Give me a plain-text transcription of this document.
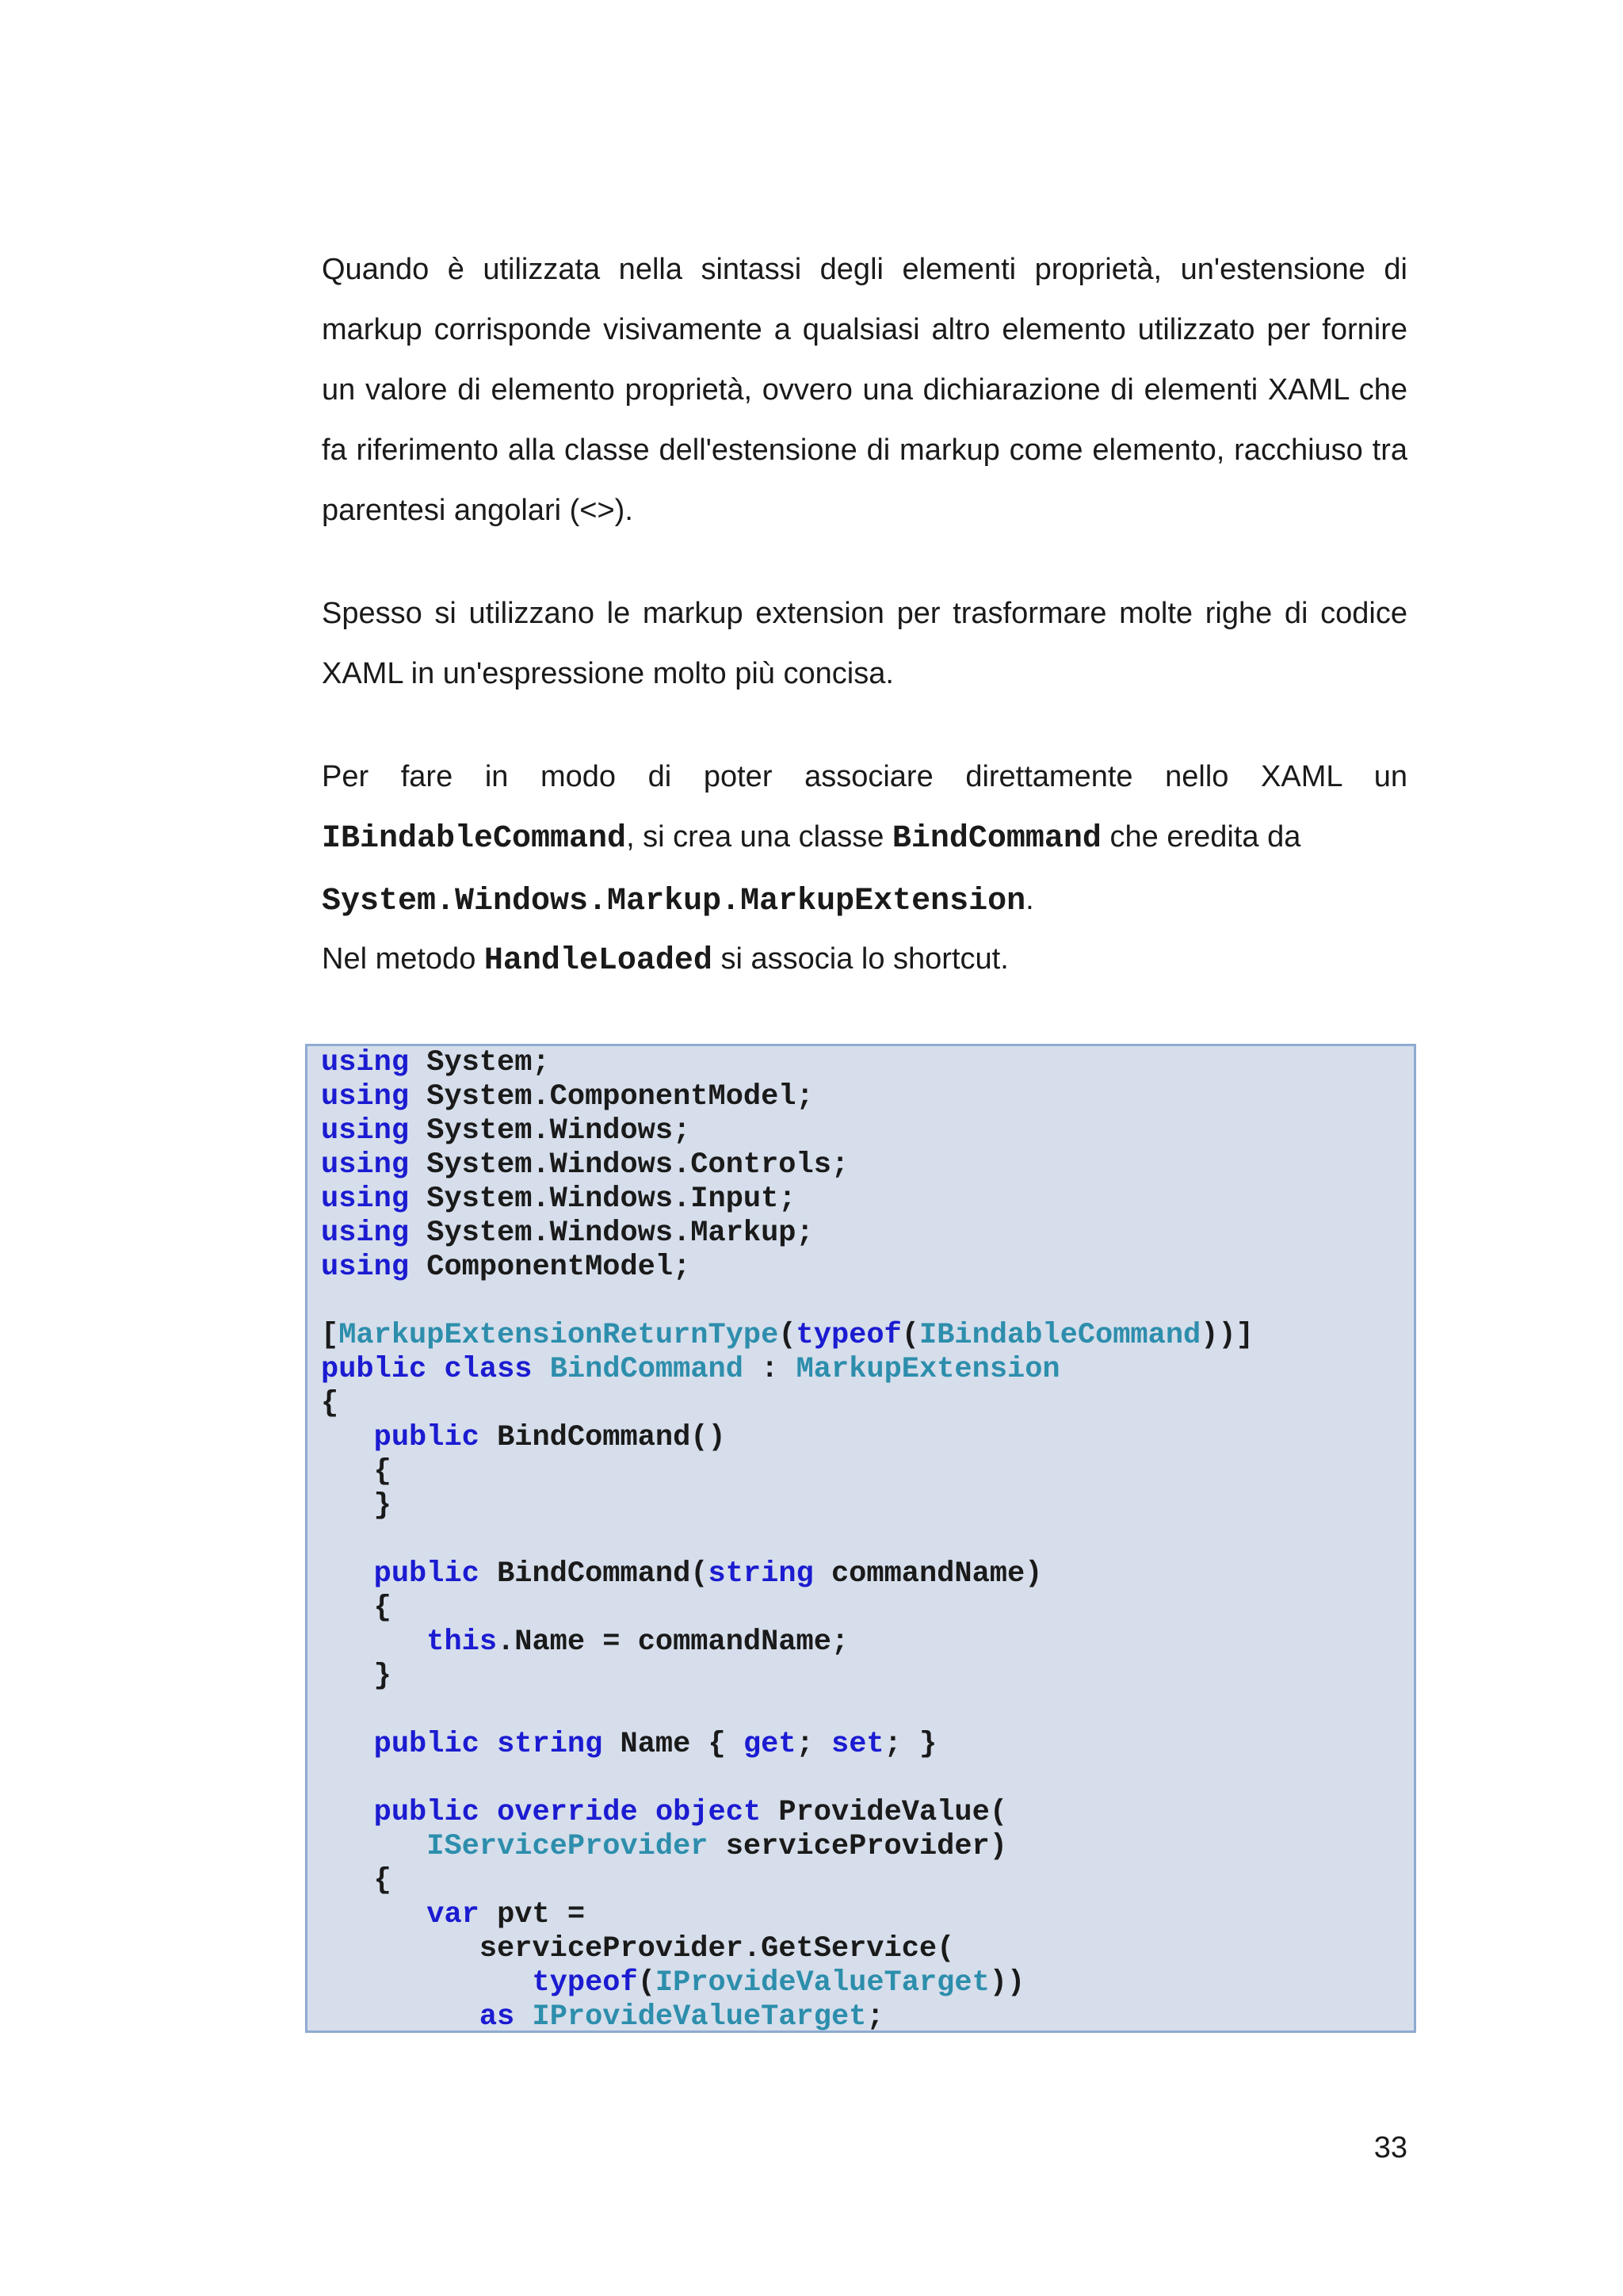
Quando è utilizzata nella sintassi degli elementi proprietà, un'estensione di markup corrisponde visivamente a qualsiasi altro elemento utilizzato per fornire un valore di elemento proprietà, ovvero una dichiarazione di elementi XAML che fa riferimento alla classe dell'estensione di markup come elemento, racchiuso tra parentesi angolari (<>).

Spesso si utilizzano le markup extension per trasformare molte righe di codice XAML in un'espressione molto più concisa.

Per fare in modo di poter associare direttamente nello XAML un

IBindableCommand, si crea una classe BindCommand che eredita da
System.Windows.Markup.MarkupExtension.

Nel metodo HandleLoaded si associa lo shortcut.

using System;
using System.ComponentModel;
using System.Windows;
using System.Windows.Controls;
using System.Windows.Input;
using System.Windows.Markup;
using ComponentModel;
[MarkupExtensionReturnType(typeof(IBindableCommand))]
public class BindCommand : MarkupExtension
{
public BindCommand()
{
}
public BindCommand(string commandName)
{
this.Name = commandName;
}
public string Name { get; set; }
public override object ProvideValue(
IServiceProvider serviceProvider)
{
var pvt =
serviceProvider.GetService(
typeof(IProvideValueTarget))
as IProvideValueTarget;
33
